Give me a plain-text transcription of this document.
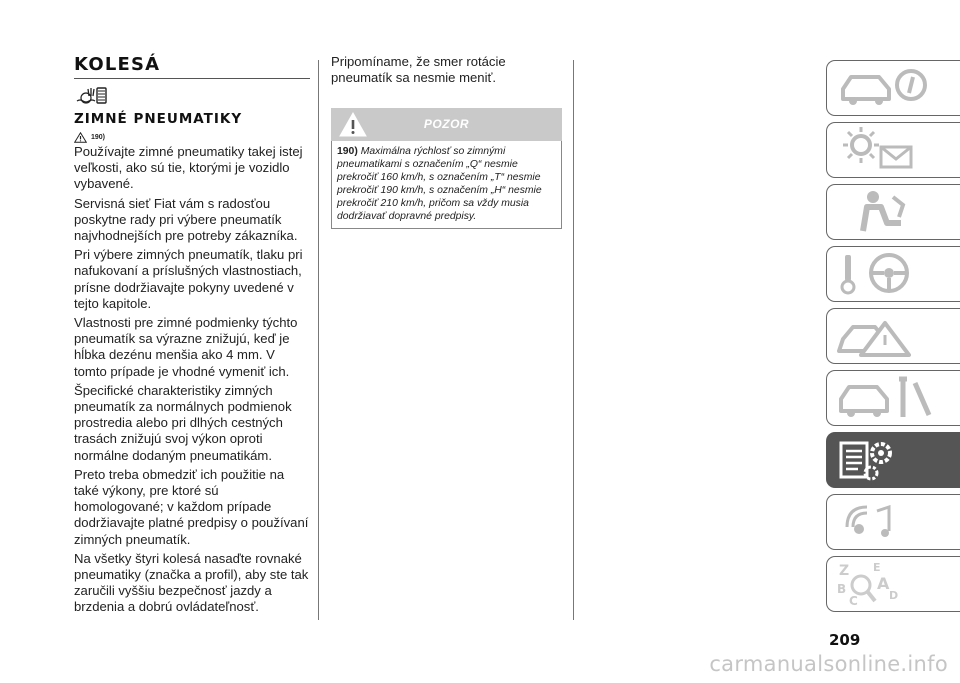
KOLESÁ
ZIMNÉ PNEUMATIKY
190)

Používajte zimné pneumatiky takej istej veľkosti, ako sú tie, ktorými je vozidlo vybavené.

Servisná sieť Fiat vám s radosťou poskytne rady pri výbere pneumatík najvhodnejších pre potreby zákazníka.

Pri výbere zimných pneumatík, tlaku pri nafukovaní a príslušných vlastnostiach, prísne dodržiavajte pokyny uvedené v tejto kapitole.

Vlastnosti pre zimné podmienky týchto pneumatík sa výrazne znižujú, keď je hĺbka dezénu menšia ako 4 mm. V tomto prípade je vhodné vymeniť ich.

Špecifické charakteristiky zimných pneumatík za normálnych podmienok prostredia alebo pri dlhých cestných trasách znižujú svoj výkon oproti normálne dodaným pneumatikám.

Preto treba obmedziť ich použitie na také výkony, pre ktoré sú homologované; v každom prípade dodržiavajte platné predpisy o používaní zimných pneumatík.

Na všetky štyri kolesá nasaďte rovnaké pneumatiky (značka a profil), aby ste tak zaručili vyššiu bezpečnosť jazdy a brzdenia a dobrú ovládateľnosť.

Pripomíname, že smer rotácie pneumatík sa nesmie meniť.

POZOR
190) Maximálna rýchlosť so zimnými pneumatikami s označením „Q“ nesmie prekročiť 160 km/h, s označením „T“ nesmie prekročiť 190 km/h, s označením „H“ nesmie prekročiť 210 km/h, pričom sa vždy musia dodržiavať dopravné predpisy.
Z E
B A
C	D
209
carmanualsonline.info
